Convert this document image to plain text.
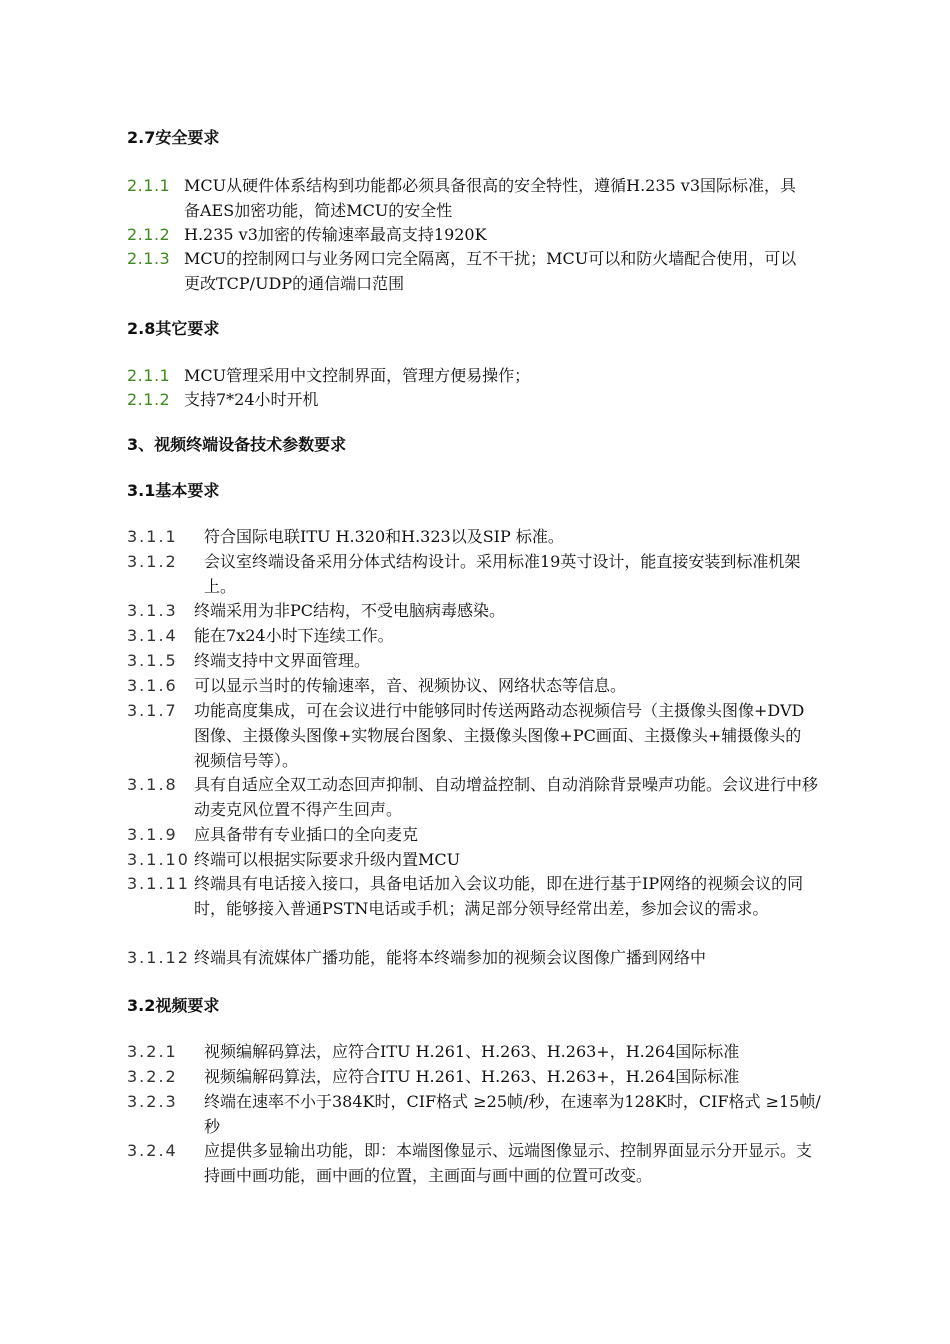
2.7安全要求
2.1.1 MCU从硬件体系结构到功能都必须具备很高的安全特性，遵循H.235 v3国际标准，具备AES加密功能，简述MCU的安全性
2.1.2 H.235 v3加密的传输速率最高支持1920K
2.1.3 MCU的控制网口与业务网口完全隔离，互不干扰；MCU可以和防火墙配合使用，可以更改TCP/UDP的通信端口范围
2.8其它要求
2.1.1 MCU管理采用中文控制界面，管理方便易操作；
2.1.2 支持7*24小时开机
3、视频终端设备技术参数要求
3.1基本要求
3.1.1 符合国际电联ITU H.320和H.323以及SIP 标准。
3.1.2 会议室终端设备采用分体式结构设计。采用标准19英寸设计，能直接安装到标准机架上。
3.1.3 终端采用为非PC结构，不受电脑病毒感染。
3.1.4 能在7x24小时下连续工作。
3.1.5 终端支持中文界面管理。
3.1.6 可以显示当时的传输速率，音、视频协议、网络状态等信息。
3.1.7 功能高度集成，可在会议进行中能够同时传送两路动态视频信号（主摄像头图像+DVD图像、主摄像头图像+实物展台图象、主摄像头图像+PC画面、主摄像头+辅摄像头的视频信号等）。
3.1.8 具有自适应全双工动态回声抑制、自动增益控制、自动消除背景噪声功能。会议进行中移动麦克风位置不得产生回声。
3.1.9 应具备带有专业插口的全向麦克
3.1.10 终端可以根据实际要求升级内置MCU
3.1.11 终端具有电话接入接口，具备电话加入会议功能，即在进行基于IP网络的视频会议的同时，能够接入普通PSTN电话或手机；满足部分领导经常出差，参加会议的需求。
3.1.12 终端具有流媒体广播功能，能将本终端参加的视频会议图像广播到网络中
3.2视频要求
3.2.1 视频编解码算法，应符合ITU H.261、H.263、H.263+，H.264国际标准
3.2.2 视频编解码算法，应符合ITU H.261、H.263、H.263+，H.264国际标准
3.2.3 终端在速率不小于384K时，CIF格式 ≥25帧/秒，在速率为128K时，CIF格式 ≥15帧/秒
3.2.4 应提供多显输出功能，即：本端图像显示、远端图像显示、控制界面显示分开显示。支持画中画功能，画中画的位置，主画面与画中画的位置可改变。
